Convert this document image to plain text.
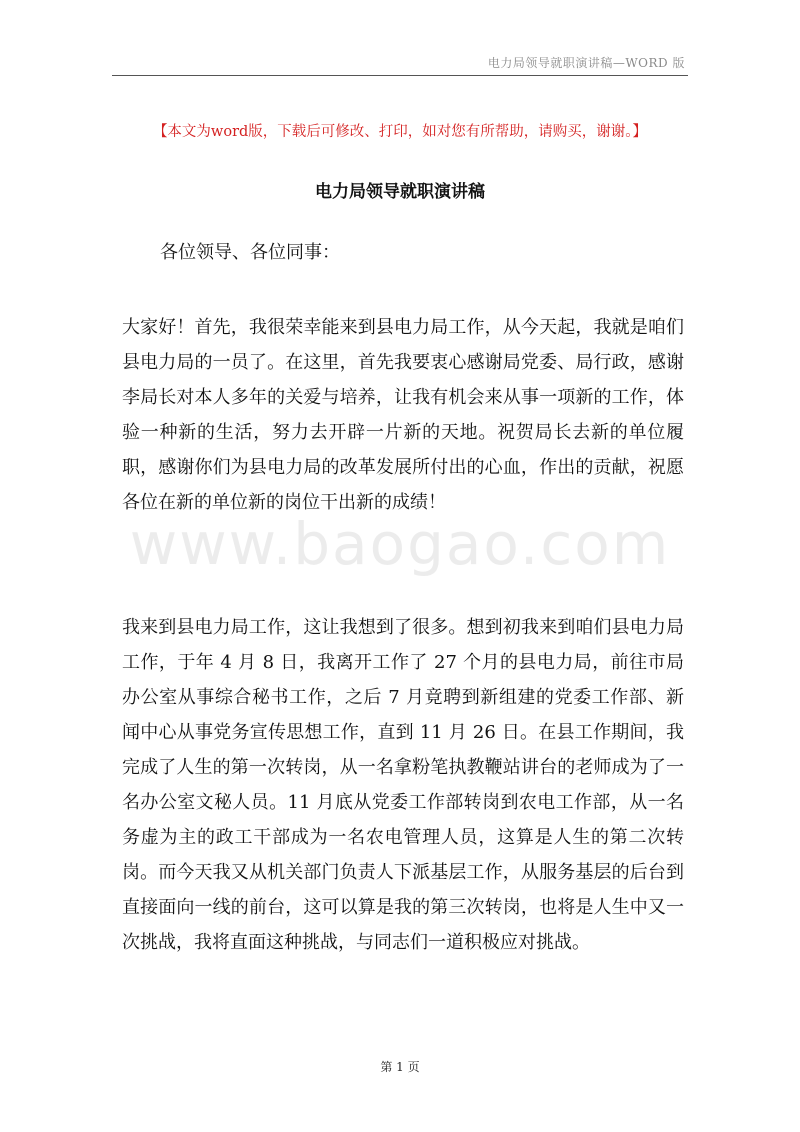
电力局领导就职演讲稿—WORD 版
【本文为word版，下载后可修改、打印，如对您有所帮助，请购买，谢谢。】
电力局领导就职演讲稿
各位领导、各位同事：
www.baogao.com

大家好！首先，我很荣幸能来到县电力局工作，从今天起，我就是咱们县电力局的一员了。在这里，首先我要衷心感谢局党委、局行政，感谢李局长对本人多年的关爱与培养，让我有机会来从事一项新的工作，体验一种新的生活，努力去开辟一片新的天地。祝贺局长去新的单位履职，感谢你们为县电力局的改革发展所付出的心血，作出的贡献，祝愿各位在新的单位新的岗位干出新的成绩！

我来到县电力局工作，这让我想到了很多。想到初我来到咱们县电力局工作，于年 4 月 8 日，我离开工作了 27 个月的县电力局，前往市局办公室从事综合秘书工作，之后 7 月竟聘到新组建的党委工作部、新闻中心从事党务宣传思想工作，直到 11 月 26 日。在县工作期间，我完成了人生的第一次转岗，从一名拿粉笔执教鞭站讲台的老师成为了一名办公室文秘人员。11 月底从党委工作部转岗到农电工作部，从一名务虚为主的政工干部成为一名农电管理人员，这算是人生的第二次转岗。而今天我又从机关部门负责人下派基层工作，从服务基层的后台到直接面向一线的前台，这可以算是我的第三次转岗，也将是人生中又一次挑战，我将直面这种挑战，与同志们一道积极应对挑战。

第 1 页
